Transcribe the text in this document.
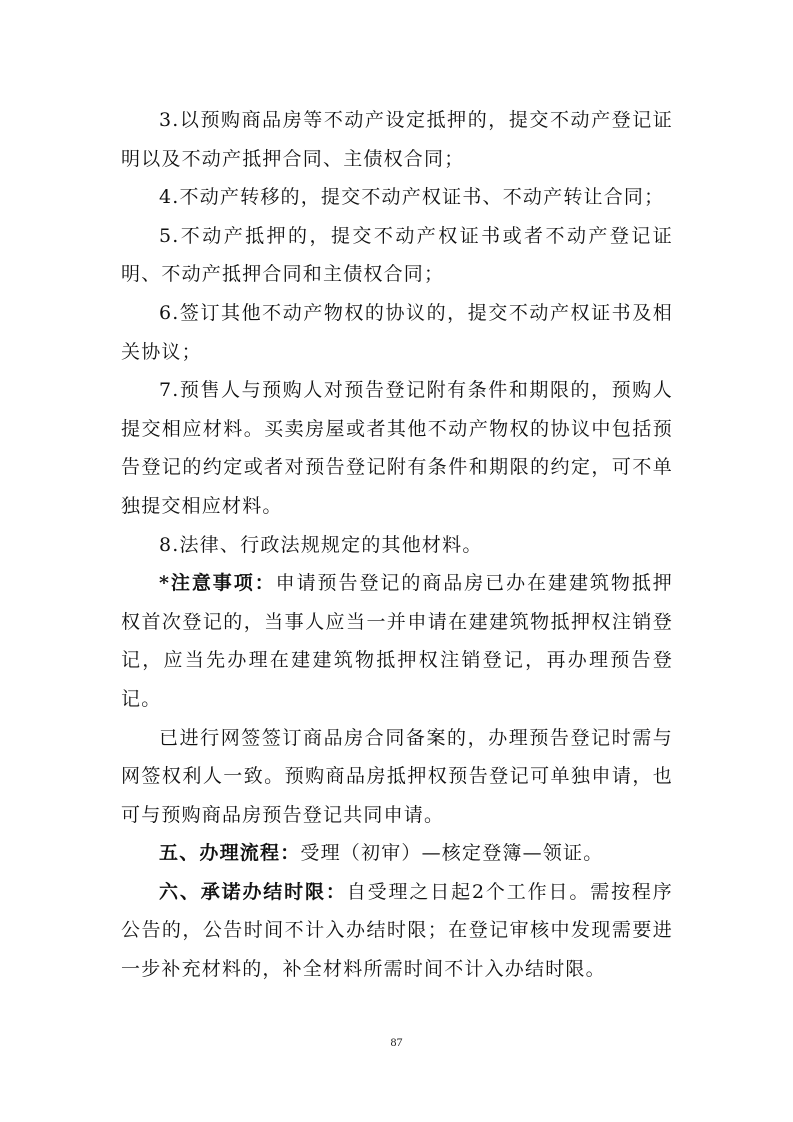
3.以预购商品房等不动产设定抵押的，提交不动产登记证明以及不动产抵押合同、主债权合同；

4.不动产转移的，提交不动产权证书、不动产转让合同；

5.不动产抵押的，提交不动产权证书或者不动产登记证明、不动产抵押合同和主债权合同；

6.签订其他不动产物权的协议的，提交不动产权证书及相关协议；

7.预售人与预购人对预告登记附有条件和期限的，预购人提交相应材料。买卖房屋或者其他不动产物权的协议中包括预告登记的约定或者对预告登记附有条件和期限的约定，可不单独提交相应材料。

8.法律、行政法规规定的其他材料。

*注意事项：申请预告登记的商品房已办在建建筑物抵押权首次登记的，当事人应当一并申请在建建筑物抵押权注销登记，应当先办理在建建筑物抵押权注销登记，再办理预告登记。

已进行网签签订商品房合同备案的，办理预告登记时需与网签权利人一致。预购商品房抵押权预告登记可单独申请，也可与预购商品房预告登记共同申请。

五、办理流程：受理（初审）—核定登簿—领证。

六、承诺办结时限：自受理之日起2个工作日。需按程序公告的，公告时间不计入办结时限；在登记审核中发现需要进一步补充材料的，补全材料所需时间不计入办结时限。

87
